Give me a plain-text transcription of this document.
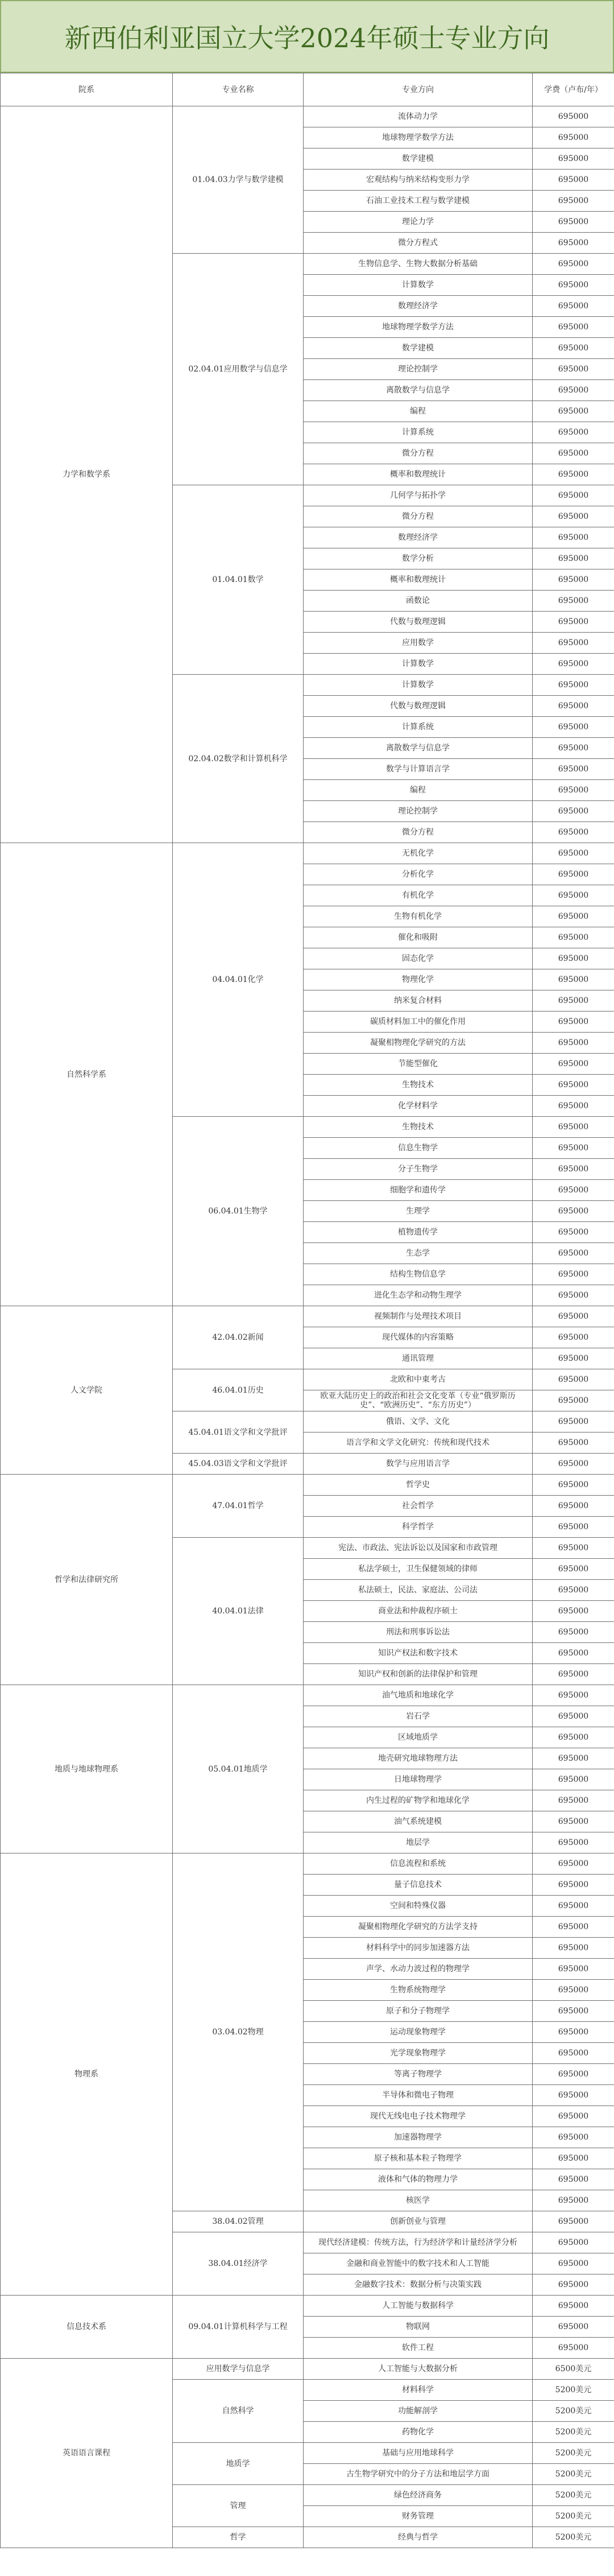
新西伯利亚国立大学2024年硕士专业方向
院系	专业名称	专业方向	学费（卢布/年）
力学和数学系	01.04.03力学与数学建模	流体动力学	695000
		地球物理学数学方法	695000
		数学建模	695000
		宏观结构与纳米结构变形力学	695000
		石油工业技术工程与数学建模	695000
		理论力学	695000
		微分方程式	695000
	02.04.01应用数学与信息学	生物信息学、生物大数据分析基础	695000
		计算数学	695000
		数理经济学	695000
		地球物理学数学方法	695000
		数学建模	695000
		理论控制学	695000
		离散数学与信息学	695000
		编程	695000
		计算系统	695000
		微分方程	695000
		概率和数理统计	695000
	01.04.01数学	几何学与拓扑学	695000
		微分方程	695000
		数理经济学	695000
		数学分析	695000
		概率和数理统计	695000
		函数论	695000
		代数与数理逻辑	695000
		应用数学	695000
		计算数学	695000
	02.04.02数学和计算机科学	计算数学	695000
		代数与数理逻辑	695000
		计算系统	695000
		离散数学与信息学	695000
		数学与计算语言学	695000
		编程	695000
		理论控制学	695000
		微分方程	695000
自然科学系	04.04.01化学	无机化学	695000
		分析化学	695000
		有机化学	695000
		生物有机化学	695000
		催化和吸附	695000
		固态化学	695000
		物理化学	695000
		纳米复合材料	695000
		碳质材料加工中的催化作用	695000
		凝聚相物理化学研究的方法	695000
		节能型催化	695000
		生物技术	695000
		化学材料学	695000
	06.04.01生物学	生物技术	695000
		信息生物学	695000
		分子生物学	695000
		细胞学和遗传学	695000
		生理学	695000
		植物遗传学	695000
		生态学	695000
		结构生物信息学	695000
		进化生态学和动物生理学	695000
人文学院	42.04.02新闻	视频制作与处理技术项目	695000
		现代媒体的内容策略	695000
		通讯管理	695000
	46.04.01历史	北欧和中東考古	695000
		欧亚大陆历史上的政治和社会文化变革（专业“俄罗斯历史”、“欧洲历史”、“东方历史”）	695000
	45.04.01语文学和文学批评	俄语、文学、文化	695000
		语言学和文学文化研究：传统和现代技术	695000
	45.04.03语文学和文学批评	数学与应用语言学	695000
哲学和法律研究所	47.04.01哲学	哲学史	695000
		社会哲学	695000
		科学哲学	695000
	40.04.01法律	宪法、市政法、宪法诉讼以及国家和市政管理	695000
		私法学硕士，卫生保健领域的律师	695000
		私法硕士，民法、家庭法、公司法	695000
		商业法和仲裁程序硕士	695000
		刑法和刑事诉讼法	695000
		知识产权法和数字技术	695000
		知识产权和创新的法律保护和管理	695000
地质与地球物理系	05.04.01地质学	油气地质和地球化学	695000
		岩石学	695000
		区域地质学	695000
		地壳研究地球物理方法	695000
		日地球物理学	695000
		内生过程的矿物学和地球化学	695000
		油气系统建模	695000
		地层学	695000
物理系	03.04.02物理	信息流程和系统	695000
		量子信息技术	695000
		空间和特殊仪器	695000
		凝聚相物理化学研究的方法学支持	695000
		材料科学中的同步加速器方法	695000
		声学、水动力波过程的物理学	695000
		生物系统物理学	695000
		原子和分子物理学	695000
		运动现象物理学	695000
		光学现象物理学	695000
		等离子物理学	695000
		半导体和微电子物理	695000
		现代无线电电子技术物理学	695000
		加速器物理学	695000
		原子核和基本粒子物理学	695000
		液体和气体的物理力学	695000
		核医学	695000
	38.04.02管理	创新创业与管理	695000
	38.04.01经济学	现代经济建模：传统方法，行为经济学和计量经济学分析	695000
		金融和商业智能中的数字技术和人工智能	695000
		金融数字技术：数据分析与决策实践	695000
信息技术系	09.04.01计算机科学与工程	人工智能与数据科学	695000
		物联网	695000
		软件工程	695000
英语语言课程	应用数学与信息学	人工智能与大数据分析	6500美元
	自然科学	材料科学	5200美元
		功能解剖学	5200美元
		药物化学	5200美元
	地质学	基础与应用地球科学	5200美元
		古生物学研究中的分子方法和地层学方面	5200美元
	管理	绿色经济商务	5200美元
		财务管理	5200美元
	哲学	经典与哲学	5200美元
